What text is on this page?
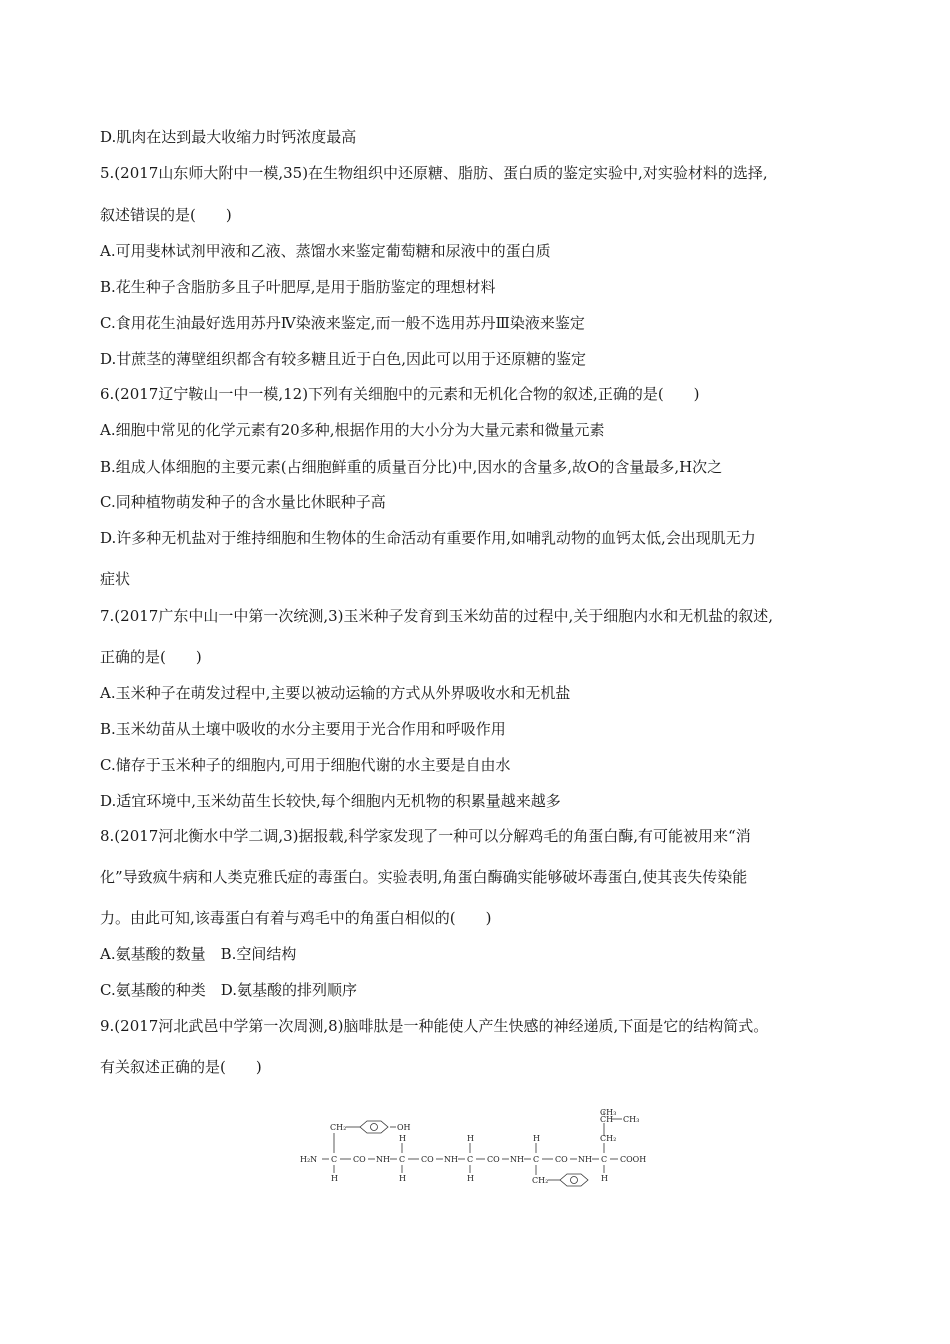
D.肌肉在达到最大收缩力时钙浓度最高
5.(2017山东师大附中一模,35)在生物组织中还原糖、脂肪、蛋白质的鉴定实验中,对实验材料的选择,
叙述错误的是(　　)
A.可用斐林试剂甲液和乙液、蒸馏水来鉴定葡萄糖和尿液中的蛋白质
B.花生种子含脂肪多且子叶肥厚,是用于脂肪鉴定的理想材料
C.食用花生油最好选用苏丹Ⅳ染液来鉴定,而一般不选用苏丹Ⅲ染液来鉴定
D.甘蔗茎的薄壁组织都含有较多糖且近于白色,因此可以用于还原糖的鉴定
6.(2017辽宁鞍山一中一模,12)下列有关细胞中的元素和无机化合物的叙述,正确的是(　　)
A.细胞中常见的化学元素有20多种,根据作用的大小分为大量元素和微量元素
B.组成人体细胞的主要元素(占细胞鲜重的质量百分比)中,因水的含量多,故O的含量最多,H次之
C.同种植物萌发种子的含水量比休眠种子高
D.许多种无机盐对于维持细胞和生物体的生命活动有重要作用,如哺乳动物的血钙太低,会出现肌无力
症状
7.(2017广东中山一中第一次统测,3)玉米种子发育到玉米幼苗的过程中,关于细胞内水和无机盐的叙述,
正确的是(　　)
A.玉米种子在萌发过程中,主要以被动运输的方式从外界吸收水和无机盐
B.玉米幼苗从土壤中吸收的水分主要用于光合作用和呼吸作用
C.储存于玉米种子的细胞内,可用于细胞代谢的水主要是自由水
D.适宜环境中,玉米幼苗生长较快,每个细胞内无机物的积累量越来越多
8.(2017河北衡水中学二调,3)据报载,科学家发现了一种可以分解鸡毛的角蛋白酶,有可能被用来“消
化”导致疯牛病和人类克雅氏症的毒蛋白。实验表明,角蛋白酶确实能够破坏毒蛋白,使其丧失传染能
力。由此可知,该毒蛋白有着与鸡毛中的角蛋白相似的(　　)
A.氨基酸的数量　B.空间结构
C.氨基酸的种类　D.氨基酸的排列顺序
9.(2017河北武邑中学第一次周测,8)脑啡肽是一种能使人产生快感的神经递质,下面是它的结构简式。
有关叙述正确的是(　　)
H₂N C
H
CH₂	OH
CO NH
H
C
H
CO NH
H
C
H
CO NH
H
C
CH₂
CO NH
CH₃
CH CH₃
CH₂
C
H
COOH
